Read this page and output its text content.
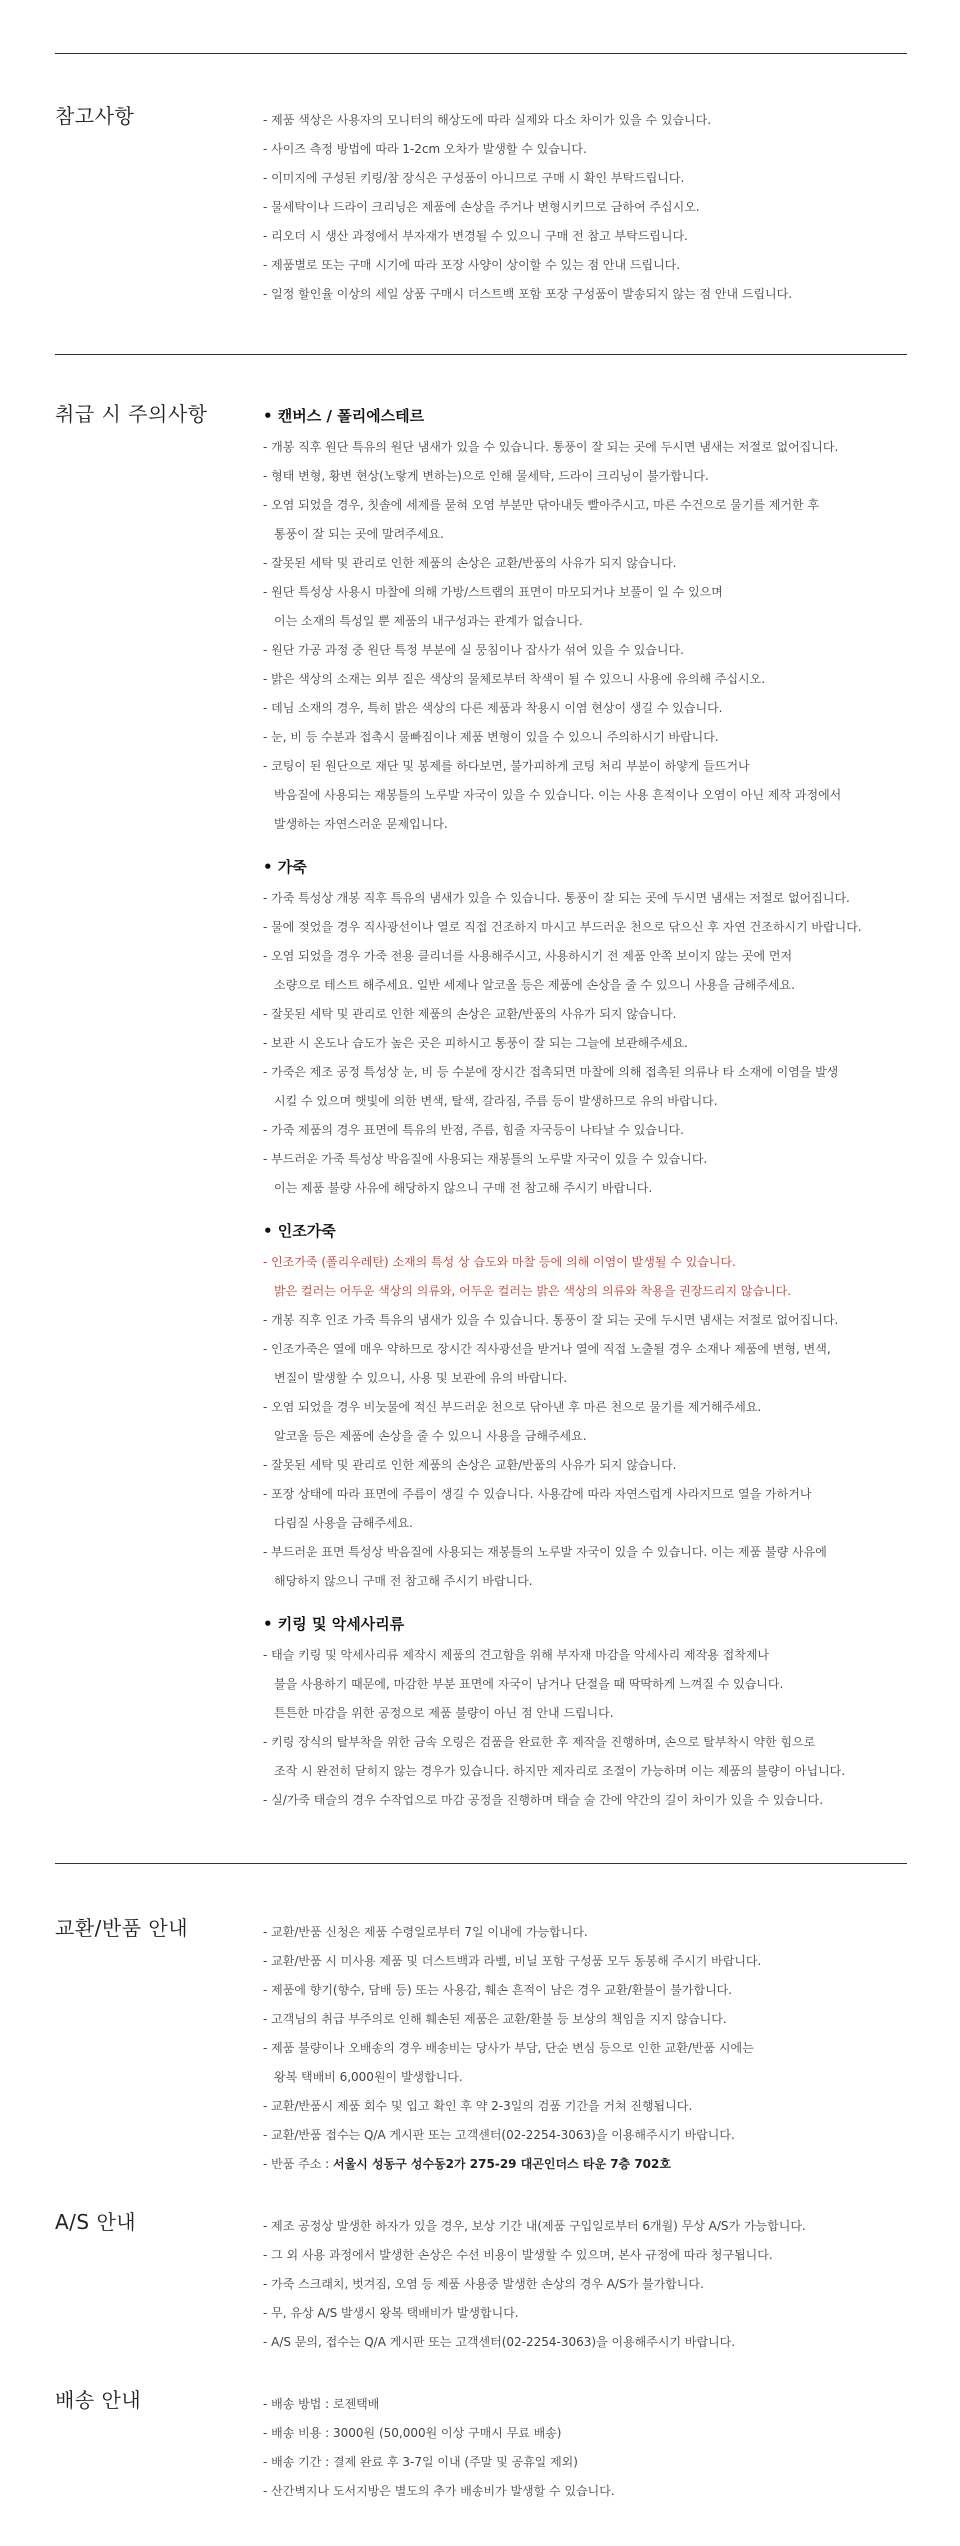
참고사항	- 제품 색상은 사용자의 모니터의 해상도에 따라 실제와 다소 차이가 있을 수 있습니다.
- 사이즈 측정 방법에 따라 1-2cm 오차가 발생할 수 있습니다.
- 이미지에 구성된 키링/참 장식은 구성품이 아니므로 구매 시 확인 부탁드립니다.
- 물세탁이나 드라이 크리닝은 제품에 손상을 주거나 변형시키므로 금하여 주십시오.
- 리오더 시 생산 과정에서 부자재가 변경될 수 있으니 구매 전 참고 부탁드립니다.
- 제품별로 또는 구매 시기에 따라 포장 사양이 상이할 수 있는 점 안내 드립니다.
- 일정 할인율 이상의 세일 상품 구매시 더스트백 포함 포장 구성품이 발송되지 않는 점 안내 드립니다.
취급 시 주의사항	• 캔버스 / 폴리에스테르
- 개봉 직후 원단 특유의 원단 냄새가 있을 수 있습니다. 통풍이 잘 되는 곳에 두시면 냄새는 저절로 없어집니다.
- 형태 변형, 황변 현상(노랗게 변하는)으로 인해 물세탁, 드라이 크리닝이 불가합니다.
- 오염 되었을 경우, 칫솔에 세제를 묻혀 오염 부분만 닦아내듯 빨아주시고, 마른 수건으로 물기를 제거한 후
통풍이 잘 되는 곳에 말려주세요.
- 잘못된 세탁 및 관리로 인한 제품의 손상은 교환/반품의 사유가 되지 않습니다.
- 원단 특성상 사용시 마찰에 의해 가방/스트랩의 표면이 마모되거나 보풀이 일 수 있으며
이는 소재의 특성일 뿐 제품의 내구성과는 관계가 없습니다.
- 원단 가공 과정 중 원단 특정 부분에 실 뭉침이나 잡사가 섞여 있을 수 있습니다.
- 밝은 색상의 소재는 외부 짙은 색상의 물체로부터 착색이 될 수 있으니 사용에 유의해 주십시오.
- 데님 소재의 경우, 특히 밝은 색상의 다른 제품과 착용시 이염 현상이 생길 수 있습니다.
- 눈, 비 등 수분과 접촉시 물빠짐이나 제품 변형이 있을 수 있으니 주의하시기 바랍니다.
- 코팅이 된 원단으로 재단 및 봉제를 하다보면, 불가피하게 코팅 처리 부분이 하얗게 들뜨거나
박음질에 사용되는 재봉틀의 노루발 자국이 있을 수 있습니다. 이는 사용 흔적이나 오염이 아닌 제작 과정에서
발생하는 자연스러운 문제입니다.
• 가죽
- 가죽 특성상 개봉 직후 특유의 냄새가 있을 수 있습니다. 통풍이 잘 되는 곳에 두시면 냄새는 저절로 없어집니다.
- 물에 젖었을 경우 직사광선이나 열로 직접 건조하지 마시고 부드러운 천으로 닦으신 후 자연 건조하시기 바랍니다.
- 오염 되었을 경우 가죽 전용 클리너를 사용해주시고, 사용하시기 전 제품 안쪽 보이지 않는 곳에 먼저
소량으로 테스트 해주세요. 일반 세제나 알코올 등은 제품에 손상을 줄 수 있으니 사용을 금해주세요.
- 잘못된 세탁 및 관리로 인한 제품의 손상은 교환/반품의 사유가 되지 않습니다.
- 보관 시 온도나 습도가 높은 곳은 피하시고 통풍이 잘 되는 그늘에 보관해주세요.
- 가죽은 제조 공정 특성상 눈, 비 등 수분에 장시간 접촉되면 마찰에 의해 접촉된 의류나 타 소재에 이염을 발생
시킬 수 있으며 햇빛에 의한 변색, 탈색, 갈라짐, 주름 등이 발생하므로 유의 바랍니다.
- 가죽 제품의 경우 표면에 특유의 반점, 주름, 힘줄 자국등이 나타날 수 있습니다.
- 부드러운 가죽 특성상 박음질에 사용되는 재봉틀의 노루발 자국이 있을 수 있습니다.
이는 제품 불량 사유에 해당하지 않으니 구매 전 참고해 주시기 바랍니다.
• 인조가죽
- 인조가죽 (폴리우레탄) 소재의 특성 상 습도와 마찰 등에 의해 이염이 발생될 수 있습니다.
밝은 컬러는 어두운 색상의 의류와, 어두운 컬러는 밝은 색상의 의류와 착용을 권장드리지 않습니다.
- 개봉 직후 인조 가죽 특유의 냄새가 있을 수 있습니다. 통풍이 잘 되는 곳에 두시면 냄새는 저절로 없어집니다.
- 인조가죽은 열에 매우 약하므로 장시간 직사광선을 받거나 열에 직접 노출될 경우 소재나 제품에 변형, 변색,
변질이 발생할 수 있으니, 사용 및 보관에 유의 바랍니다.
- 오염 되었을 경우 비눗물에 적신 부드러운 천으로 닦아낸 후 마른 천으로 물기를 제거해주세요.
알코올 등은 제품에 손상을 줄 수 있으니 사용을 금해주세요.
- 잘못된 세탁 및 관리로 인한 제품의 손상은 교환/반품의 사유가 되지 않습니다.
- 포장 상태에 따라 표면에 주름이 생길 수 있습니다. 사용감에 따라 자연스럽게 사라지므로 열을 가하거나
다림질 사용을 금해주세요.
- 부드러운 표면 특성상 박음질에 사용되는 재봉틀의 노루발 자국이 있을 수 있습니다. 이는 제품 불량 사유에
해당하지 않으니 구매 전 참고해 주시기 바랍니다.
• 키링 및 악세사리류
- 태슬 키링 및 악세사리류 제작시 제품의 견고함을 위해 부자재 마감을 악세사리 제작용 접착제나
불을 사용하기 때문에, 마감한 부분 표면에 자국이 남거나 단절을 때 딱딱하게 느껴질 수 있습니다.
튼튼한 마감을 위한 공정으로 제품 불량이 아닌 점 안내 드립니다.
- 키링 장식의 탈부착을 위한 금속 오링은 검품을 완료한 후 제작을 진행하며, 손으로 탈부착시 약한 힘으로
조작 시 완전히 닫히지 않는 경우가 있습니다. 하지만 제자리로 조절이 가능하며 이는 제품의 불량이 아닙니다.
- 실/가죽 태슬의 경우 수작업으로 마감 공정을 진행하며 태슬 술 간에 약간의 길이 차이가 있을 수 있습니다.
교환/반품 안내	- 교환/반품 신청은 제품 수령일로부터 7일 이내에 가능합니다.
- 교환/반품 시 미사용 제품 및 더스트백과 라벨, 비닐 포함 구성품 모두 동봉해 주시기 바랍니다.
- 제품에 향기(향수, 담배 등) 또는 사용감, 훼손 흔적이 남은 경우 교환/환불이 불가합니다.
- 고객님의 취급 부주의로 인해 훼손된 제품은 교환/환불 등 보상의 책임을 지지 않습니다.
- 제품 불량이나 오배송의 경우 배송비는 당사가 부담, 단순 변심 등으로 인한 교환/반품 시에는
왕복 택배비 6,000원이 발생합니다.
- 교환/반품시 제품 회수 및 입고 확인 후 약 2-3일의 검품 기간을 거쳐 진행됩니다.
- 교환/반품 접수는 Q/A 게시판 또는 고객센터(02-2254-3063)을 이용해주시기 바랍니다.
- 반품 주소 : 서울시 성동구 성수동2가 275-29 대곤인더스 타운 7층 702호
A/S 안내	- 제조 공정상 발생한 하자가 있을 경우, 보상 기간 내(제품 구입일로부터 6개월) 무상 A/S가 가능합니다.
- 그 외 사용 과정에서 발생한 손상은 수선 비용이 발생할 수 있으며, 본사 규정에 따라 청구됩니다.
- 가죽 스크래치, 벗겨짐, 오염 등 제품 사용중 발생한 손상의 경우 A/S가 불가합니다.
- 무, 유상 A/S 발생시 왕복 택배비가 발생합니다.
- A/S 문의, 접수는 Q/A 게시판 또는 고객센터(02-2254-3063)을 이용해주시기 바랍니다.
배송 안내	- 배송 방법 : 로젠택배
- 배송 비용 : 3000원 (50,000원 이상 구매시 무료 배송)
- 배송 기간 : 결제 완료 후 3-7일 이내 (주말 및 공휴일 제외)
- 산간벽지나 도서지방은 별도의 추가 배송비가 발생할 수 있습니다.
